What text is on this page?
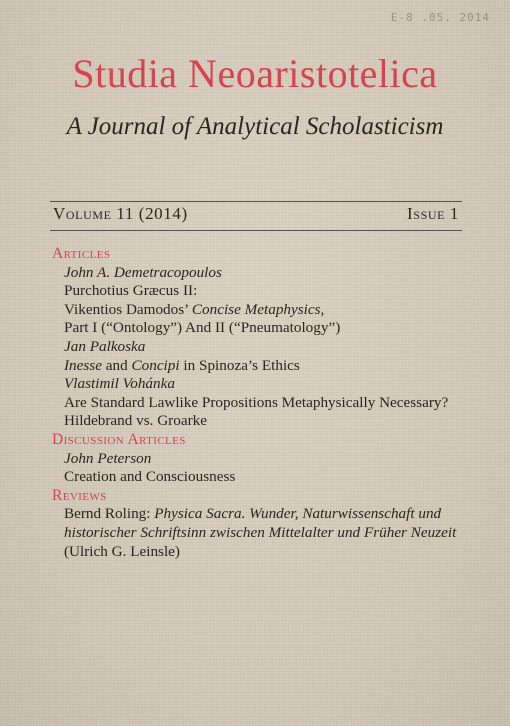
E-8 .05. 2014
Studia Neoaristotelica
A Journal of Analytical Scholasticism
Volume 11 (2014)	Issue 1
Articles
John A. Demetracopoulos
Purchotius Græcus II:
Vikentios Damodos’ Concise Metaphysics,
Part I (“Ontology”) And II (“Pneumatology”)
Jan Palkoska
Inesse and Concipi in Spinoza’s Ethics
Vlastimil Vohánka
Are Standard Lawlike Propositions Metaphysically Necessary?
Hildebrand vs. Groarke
Discussion Articles
John Peterson
Creation and Consciousness
Reviews
Bernd Roling: Physica Sacra. Wunder, Naturwissenschaft und
historischer Schriftsinn zwischen Mittelalter und Früher Neuzeit
(Ulrich G. Leinsle)
